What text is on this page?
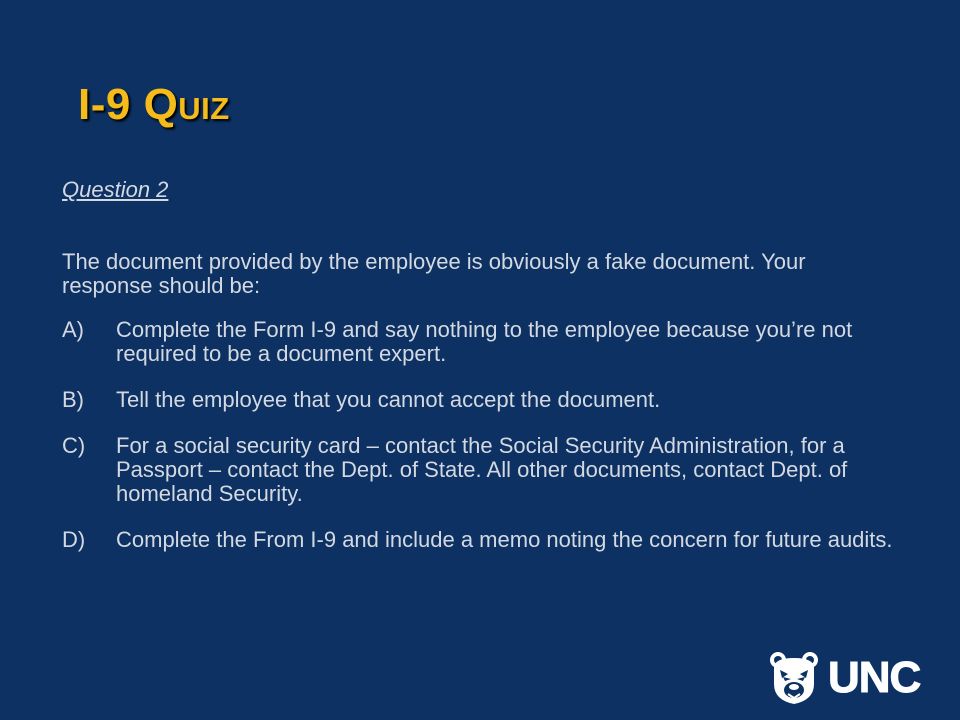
I-9 Quiz
Question 2

The document provided by the employee is obviously a fake document. Your response should be:

A)	Complete the Form I-9 and say nothing to the employee because you’re not required to be a document expert.
B)	Tell the employee that you cannot accept the document.
C)	For a social security card – contact the Social Security Administration, for a Passport – contact the Dept. of State. All other documents, contact Dept. of homeland Security.
D)	Complete the From I-9 and include a memo noting the concern for future audits.
UNC
